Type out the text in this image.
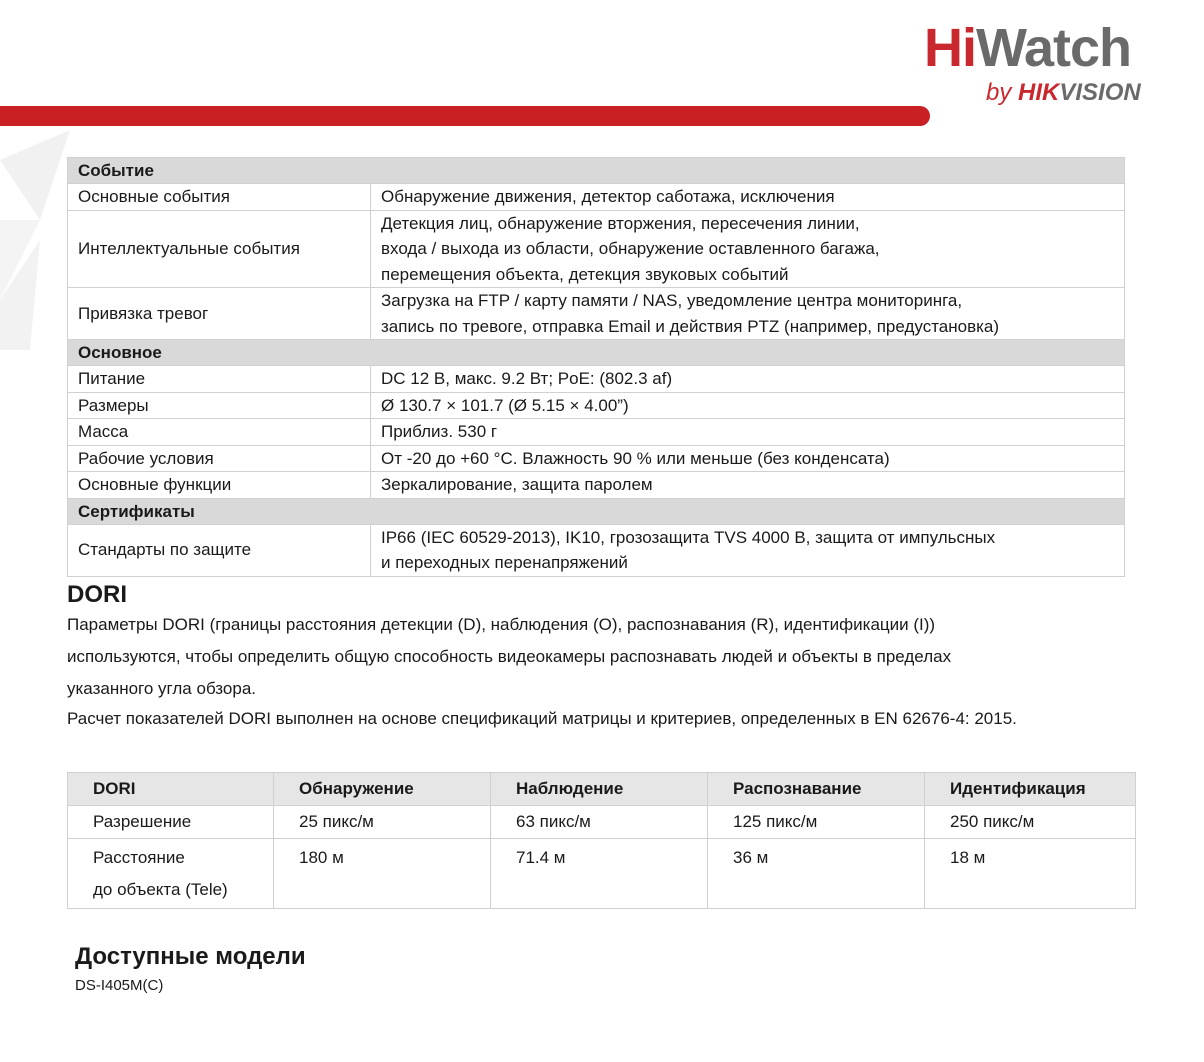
HiWatch
by HIKVISION
Событие	
Основные события	Обнаружение движения, детектор саботажа, исключения
Интеллектуальные события	Детекция лиц, обнаружение вторжения, пересечения линии,
входа / выхода из области, обнаружение оставленного багажа,
перемещения объекта, детекция звуковых событий

Привязка тревог	Загрузка на FTP / карту памяти / NAS, уведомление центра мониторинга,
запись по тревоге, отправка Email и действия PTZ (например, предустановка)

Основное	
Питание	DC 12 В, макс. 9.2 Вт; PoE: (802.3 af)
Размеры	Ø 130.7 × 101.7 (Ø 5.15 × 4.00”)
Масса	Приблиз. 530 г
Рабочие условия	От -20 до +60 °C. Влажность 90 % или меньше (без конденсата)
Основные функции	Зеркалирование, защита паролем
Сертификаты	
Стандарты по защите	IP66 (IEC 60529-2013), IK10, грозозащита TVS 4000 В, защита от импульсных
и переходных перенапряжений
DORI

Параметры DORI (границы расстояния детекции (D), наблюдения (O), распознавания (R), идентификации (I))

используются, чтобы определить общую способность видеокамеры распознавать людей и объекты в пределах

указанного угла обзора.

Расчет показателей DORI выполнен на основе спецификаций матрицы и критериев, определенных в EN 62676-4: 2015.

DORI	Обнаружение	Наблюдение	Распознавание	Идентификация
Разрешение	25 пикс/м	63 пикс/м	125 пикс/м	250 пикс/м

Расстояние
до объекта (Tele)	180 м	71.4 м	36 м	18 м
Доступные модели

DS-I405M(C)
